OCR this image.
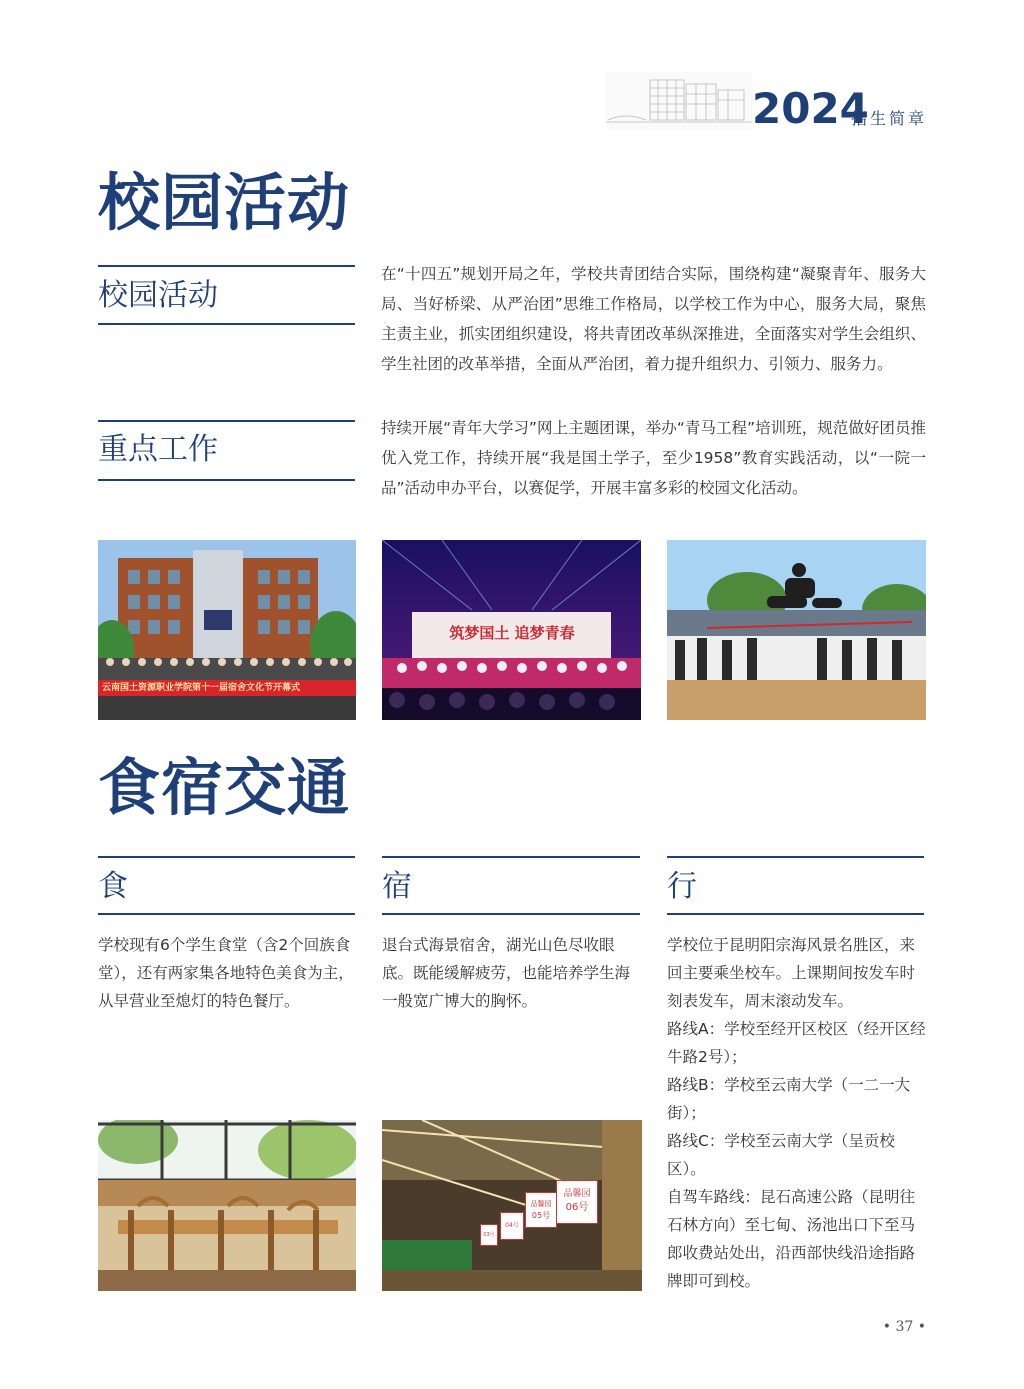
2024
招生简章
校园活动
校园活动
在“十四五”规划开局之年，学校共青团结合实际，围绕构建“凝聚青年、服务大局、当好桥梁、从严治团”思维工作格局，以学校工作为中心，服务大局，聚焦主责主业，抓实团组织建设，将共青团改革纵深推进，全面落实对学生会组织、学生社团的改革举措，全面从严治团，着力提升组织力、引领力、服务力。
重点工作
持续开展“青年大学习”网上主题团课，举办“青马工程”培训班，规范做好团员推优入党工作，持续开展“我是国土学子，至少1958”教育实践活动，以“一院一品”活动申办平台，以赛促学，开展丰富多彩的校园文化活动。
云南国土资源职业学院第十一届宿舍文化节开幕式
筑梦国土 追梦青春
食宿交通
食
学校现有6个学生食堂（含2个回族食堂），还有两家集各地特色美食为主，从早营业至熄灯的特色餐厅。
宿
退台式海景宿舍，湖光山色尽收眼底。既能缓解疲劳，也能培养学生海一般宽广博大的胸怀。
行
学校位于昆明阳宗海风景名胜区，来回主要乘坐校车。上课期间按发车时刻表发车，周末滚动发车。
路线A：学校至经开区校区（经开区经牛路2号）；
路线B：学校至云南大学（一二一大街）；
路线C：学校至云南大学（呈贡校区）。
自驾车路线：昆石高速公路（昆明往石林方向）至七甸、汤池出口下至马郎收费站处出，沿西部快线沿途指路牌即可到校。
品馨园
06号
品馨园
05号
04号
03号
• 37 •
